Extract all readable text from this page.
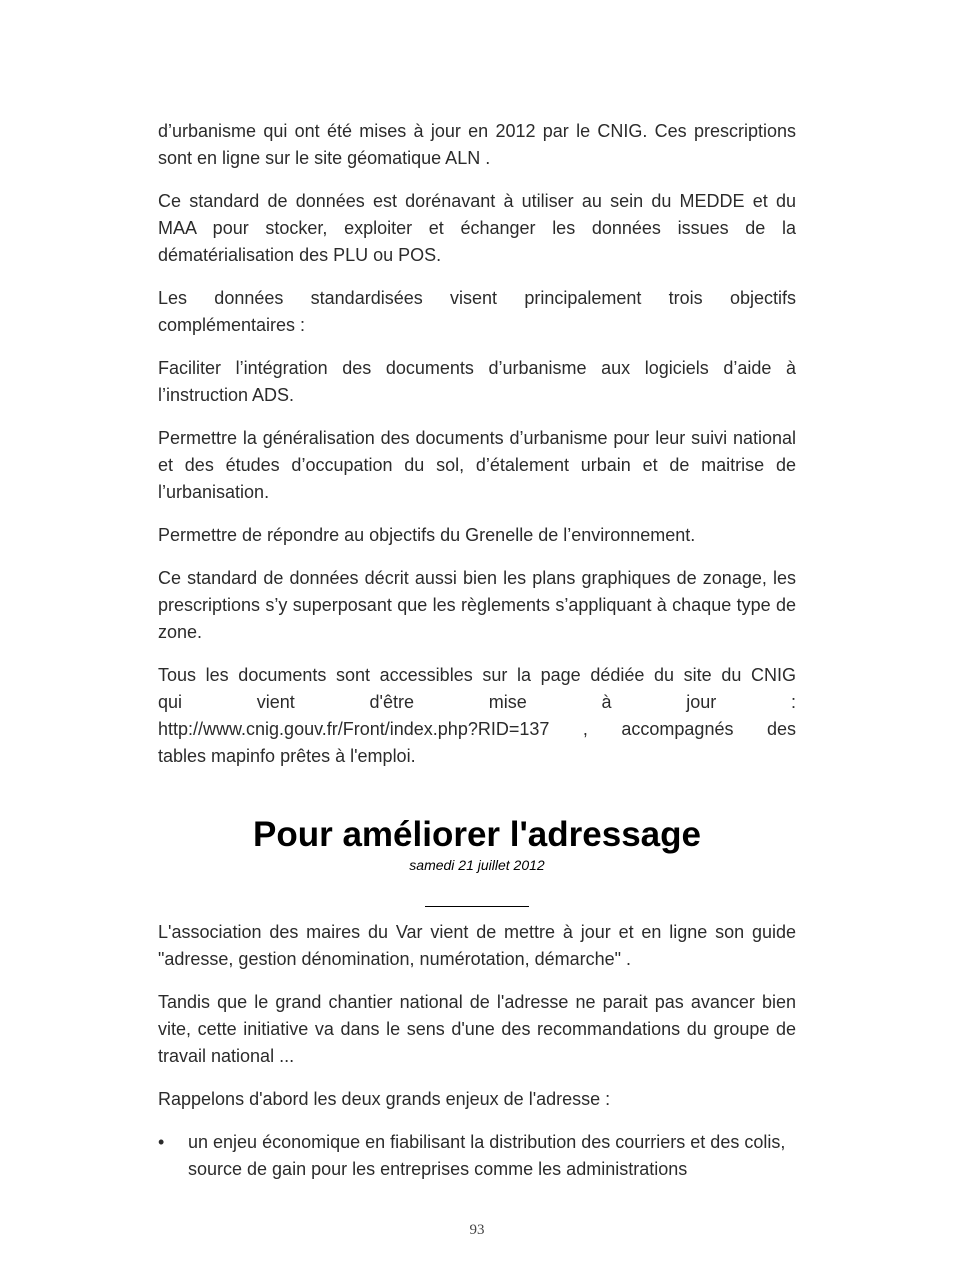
d’urbanisme qui ont été mises à jour en 2012 par le CNIG. Ces prescriptions sont en ligne sur le site géomatique ALN .

Ce standard de données est dorénavant à utiliser au sein du MEDDE et du MAA pour stocker, exploiter et échanger les données issues de la dématérialisation des PLU ou POS.

Les données standardisées visent principalement trois objectifs complémentaires :

Faciliter l’intégration des documents d’urbanisme aux logiciels d’aide à l’instruction ADS.

Permettre la généralisation des documents d’urbanisme pour leur suivi national et des études d’occupation du sol, d’étalement urbain et de maitrise de l’urbanisation.

Permettre de répondre au objectifs du Grenelle de l’environnement.

Ce standard de données décrit aussi bien les plans graphiques de zonage, les prescriptions s’y superposant que les règlements s’appliquant à chaque type de zone.

Tous les documents sont accessibles sur la page dédiée du site du CNIG
qui vient d'être mise à jour :
http://www.cnig.gouv.fr/Front/index.php?RID=137 , accompagnés des
tables mapinfo prêtes à l'emploi.
Pour améliorer l'adressage

samedi 21 juillet 2012

L'association des maires du Var vient de mettre à jour et en ligne son guide "adresse, gestion dénomination, numérotation, démarche" .

Tandis que le grand chantier national de l'adresse ne parait pas avancer bien vite, cette initiative va dans le sens d'une des recommandations du groupe de travail national ...

Rappelons d'abord les deux grands enjeux de l'adresse :

•	un enjeu économique en fiabilisant la distribution des courriers et des colis, source de gain pour les entreprises comme les administrations
93
